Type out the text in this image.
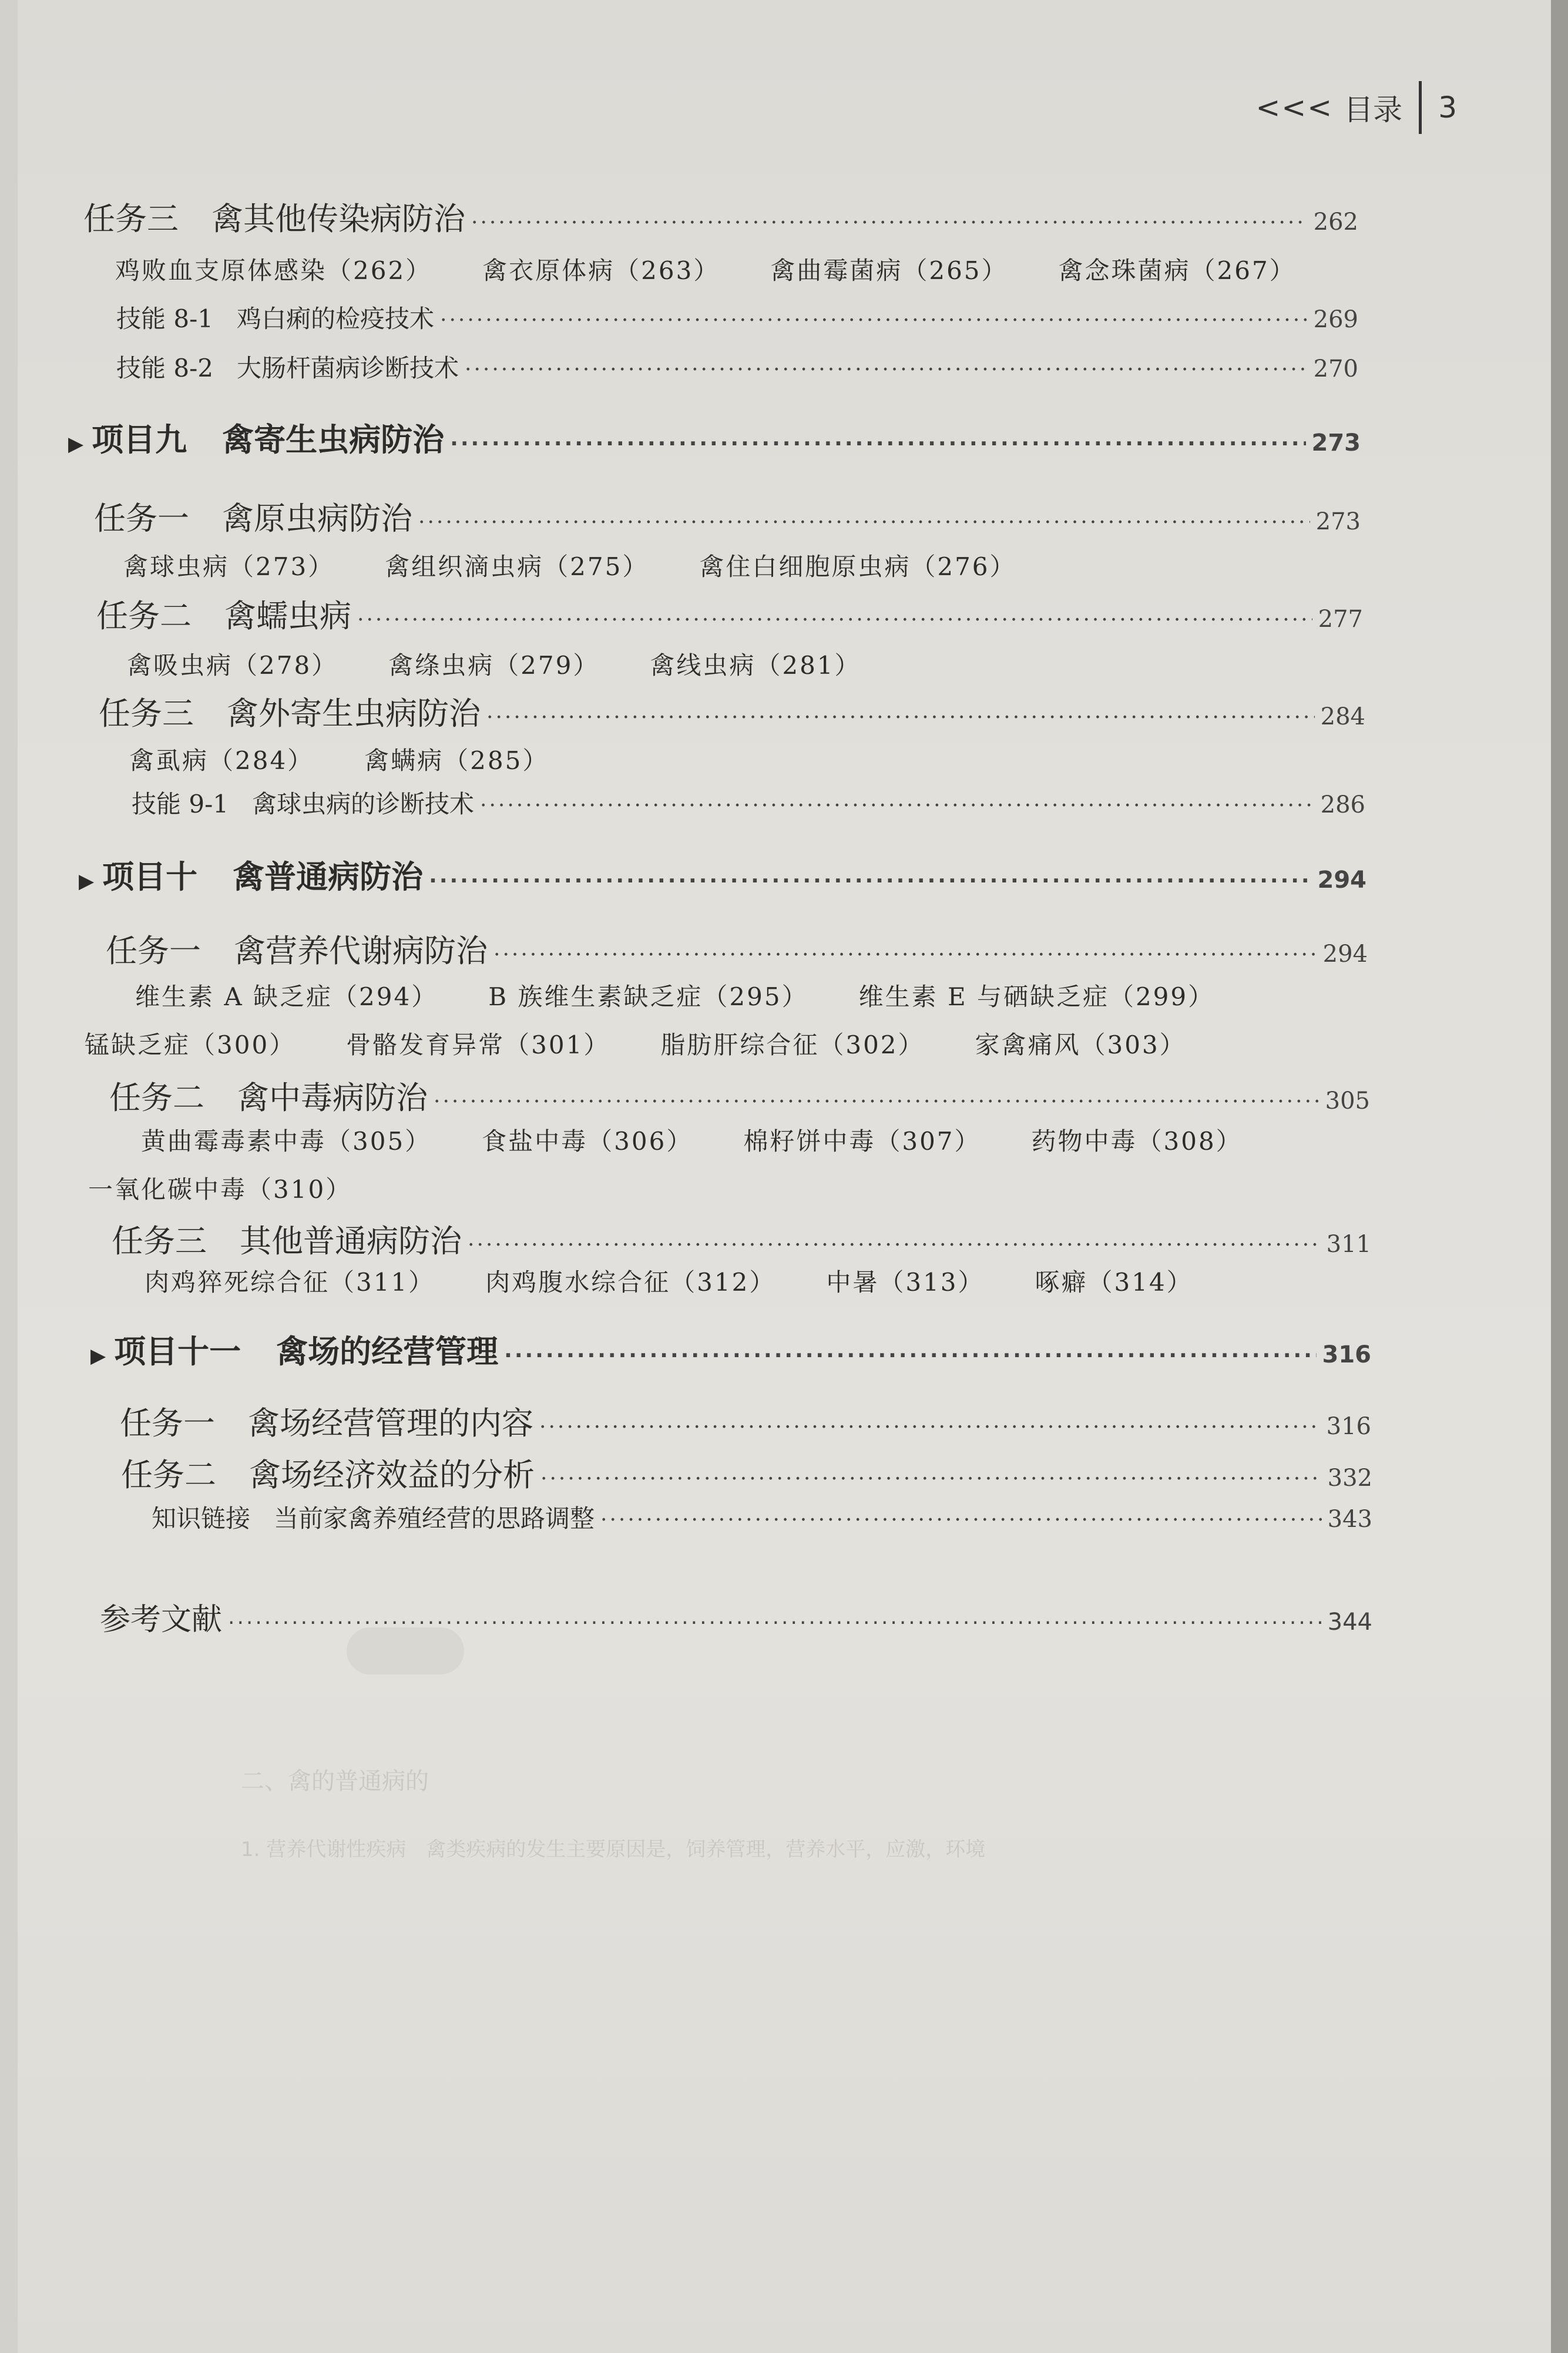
<<< 目录 3
二、禽的普通病的
1. 营养代谢性疾病　禽类疾病的发生主要原因是，饲养管理，营养水平，应激，环境
任务三 禽其他传染病防治 ·····	262
鸡败血支原体感染（262） 禽衣原体病（263） 禽曲霉菌病（265） 禽念珠菌病（267）
技能 8-1 鸡白痢的检疫技术 ·····	269
技能 8-2 大肠杆菌病诊断技术 ·····	270
▶ 项目九 禽寄生虫病防治 ·····	273
任务一 禽原虫病防治 ·····	273
禽球虫病（273） 禽组织滴虫病（275） 禽住白细胞原虫病（276）
任务二 禽蠕虫病 ·····	277
禽吸虫病（278） 禽绦虫病（279） 禽线虫病（281）
任务三 禽外寄生虫病防治 ·····	284
禽虱病（284） 禽螨病（285）
技能 9-1 禽球虫病的诊断技术 ·····	286
▶ 项目十 禽普通病防治 ·····	294
任务一 禽营养代谢病防治 ·····	294
维生素 A 缺乏症（294） B 族维生素缺乏症（295） 维生素 E 与硒缺乏症（299）
锰缺乏症（300） 骨骼发育异常（301） 脂肪肝综合征（302） 家禽痛风（303）
任务二 禽中毒病防治 ·····	305
黄曲霉毒素中毒（305） 食盐中毒（306） 棉籽饼中毒（307） 药物中毒（308）
一氧化碳中毒（310）
任务三 其他普通病防治 ·····	311
肉鸡猝死综合征（311） 肉鸡腹水综合征（312） 中暑（313） 啄癖（314）
▶ 项目十一 禽场的经营管理 ·····	316
任务一 禽场经营管理的内容 ·····	316
任务二 禽场经济效益的分析 ·····	332
知识链接 当前家禽养殖经营的思路调整 ·····	343
参考文献 ·····	344
